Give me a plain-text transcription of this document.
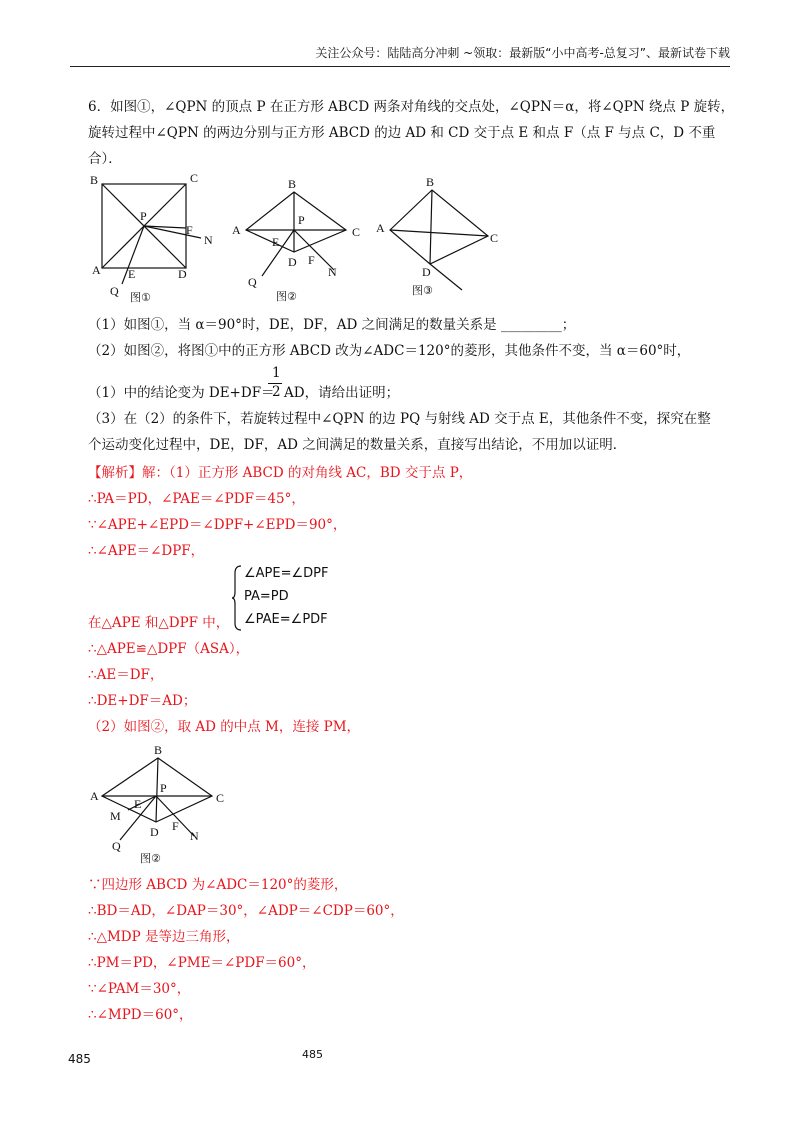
关注公众号：陆陆高分冲刺 ~领取：最新版“小中高考-总复习”、最新试卷下载
6．如图①，∠QPN 的顶点 P 在正方形 ABCD 两条对角线的交点处，∠QPN＝α，将∠QPN 绕点 P 旋转，
旋转过程中∠QPN 的两边分别与正方形 ABCD 的边 AD 和 CD 交于点 E 和点 F（点 F 与点 C，D 不重
合）．
B	C
A	D
P
E
F
N
Q 图①
B
C
A
D
P
E
F
N
Q
图②
B
C
A
D
图③
（1）如图①，当 α＝90°时，DE，DF，AD 之间满足的数量关系是 _________；
（2）如图②，将图①中的正方形 ABCD 改为∠ADC＝120°的菱形，其他条件不变，当 α＝60°时，
1
（1）中的结论变为 DE+DF＝
2 AD，请给出证明；
（3）在（2）的条件下，若旋转过程中∠QPN 的边 PQ 与射线 AD 交于点 E，其他条件不变，探究在整
个运动变化过程中，DE，DF，AD 之间满足的数量关系，直接写出结论，不用加以证明．
【解析】解：（1）正方形 ABCD 的对角线 AC，BD 交于点 P，
∴PA＝PD，∠PAE＝∠PDF＝45°，
∵∠APE+∠EPD＝∠DPF+∠EPD＝90°，
∴∠APE＝∠DPF，
∠APE=∠DPF
PA=PD
∠PAE=∠PDF
在△APE 和△DPF 中，
∴△APE≌△DPF（ASA），
∴AE＝DF，
∴DE+DF＝AD；
（2）如图②，取 AD 的中点 M，连接 PM，
B
C
A
D
P
E
F
N
M
Q
图②
∵四边形 ABCD 为∠ADC＝120°的菱形，
∴BD＝AD，∠DAP＝30°，∠ADP＝∠CDP＝60°，
∴△MDP 是等边三角形，
∴PM＝PD，∠PME＝∠PDF＝60°，
∵∠PAM＝30°，
∴∠MPD＝60°，
485	485
